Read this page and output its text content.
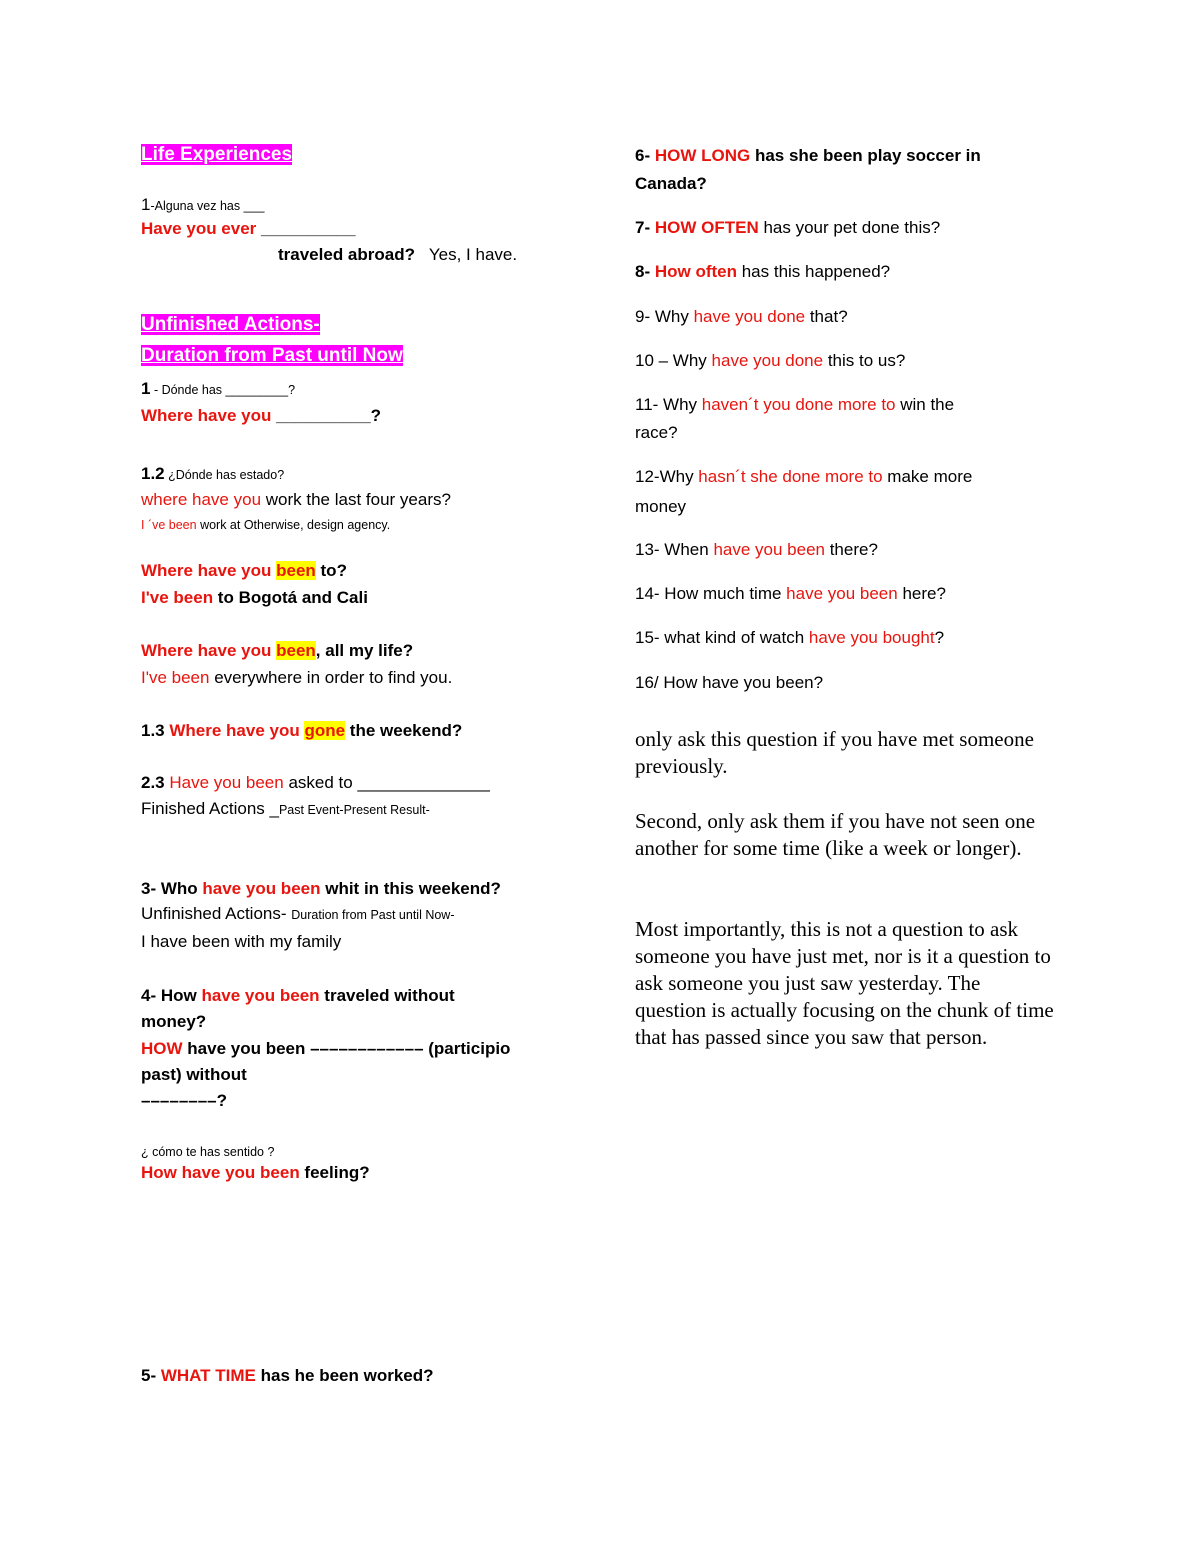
Life Experiences
1-Alguna vez has ___
Have you ever __________
traveled abroad? Yes, I have.
Unfinished Actions-
Duration from Past until Now
1 - Dónde has _________?
Where have you __________?
1.2 ¿Dónde has estado?
where have you work the last four years?
I ´ve been work at Otherwise, design agency.
Where have you been to?
I've been to Bogotá and Cali
Where have you been, all my life?
I've been everywhere in order to find you.
1.3 Where have you gone the weekend?
2.3 Have you been asked to ______________
Finished Actions _Past Event-Present Result-
3- Who have you been whit in this weekend?
Unfinished Actions- Duration from Past until Now-
I have been with my family
4- How have you been traveled without
money?
HOW have you been –––––––––––– (participio
past) without
––––––––?
¿ cómo te has sentido ?
How have you been feeling?
5- WHAT TIME has he been worked?
6- HOW LONG has she been play soccer in
Canada?
7- HOW OFTEN has your pet done this?
8- How often has this happened?
9- Why have you done that?
10 – Why have you done this to us?
11- Why haven´t you done more to win the
race?
12-Why hasn´t she done more to make more
money
13- When have you been there?
14- How much time have you been here?
15- what kind of watch have you bought?
16/ How have you been?
only ask this question if you have met someone previously.
Second, only ask them if you have not seen one another for some time (like a week or longer).
Most importantly, this is not a question to ask someone you have just met, nor is it a question to ask someone you just saw yesterday. The question is actually focusing on the chunk of time that has passed since you saw that person.
